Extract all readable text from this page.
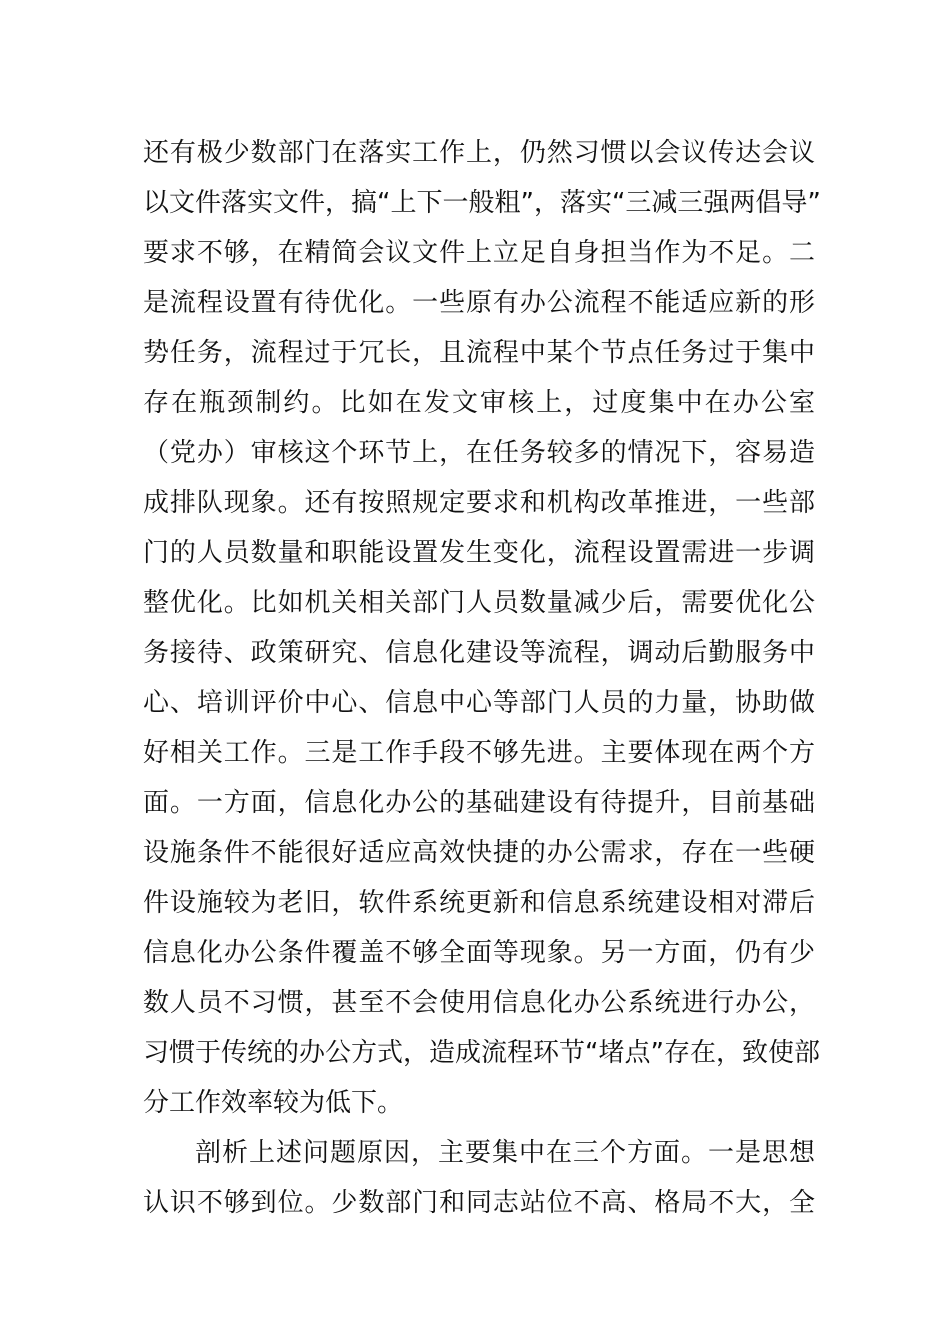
还有极少数部门在落实工作上，仍然习惯以会议传达会议
以文件落实文件，搞“上下一般粗”，落实“三减三强两倡导”
要求不够，在精简会议文件上立足自身担当作为不足。二
是流程设置有待优化。一些原有办公流程不能适应新的形
势任务，流程过于冗长，且流程中某个节点任务过于集中
存在瓶颈制约。比如在发文审核上，过度集中在办公室
（党办）审核这个环节上，在任务较多的情况下，容易造
成排队现象。还有按照规定要求和机构改革推进，一些部
门的人员数量和职能设置发生变化，流程设置需进一步调
整优化。比如机关相关部门人员数量减少后，需要优化公
务接待、政策研究、信息化建设等流程，调动后勤服务中
心、培训评价中心、信息中心等部门人员的力量，协助做
好相关工作。三是工作手段不够先进。主要体现在两个方
面。一方面，信息化办公的基础建设有待提升，目前基础
设施条件不能很好适应高效快捷的办公需求，存在一些硬
件设施较为老旧，软件系统更新和信息系统建设相对滞后
信息化办公条件覆盖不够全面等现象。另一方面，仍有少
数人员不习惯，甚至不会使用信息化办公系统进行办公，
习惯于传统的办公方式，造成流程环节“堵点”存在，致使部
分工作效率较为低下。
剖析上述问题原因，主要集中在三个方面。一是思想
认识不够到位。少数部门和同志站位不高、格局不大，全
